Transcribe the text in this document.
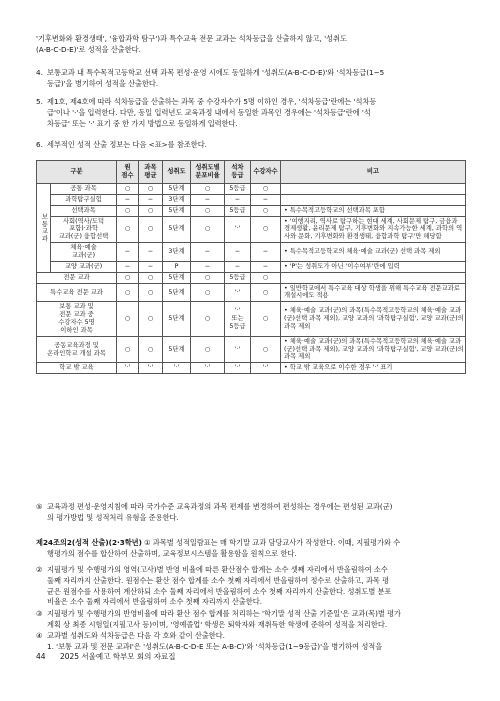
'기후변화와 환경생태', '융합과학 탐구')과 특수교육 전문 교과는 석차등급을 산출하지 않고, '성취도

(A-B-C-D-E)'로 성적을 산출한다.

4. 보통교과 내 특수목적고등학교 선택 과목 편성·운영 시에도 동일하게 '성취도(A-B-C-D-E)'와 '석차등급(1~5

등급)'을 병기하여 성적을 산출한다.

5. 제1호, 제4호에 따라 석차등급을 산출하는 과목 중 수강자수가 5명 이하인 경우, '석차등급'란에는 '석차등

급'이나 '·'을 입력한다. 다만, 동일 입력년도 교육과정 내에서 동일한 과목인 경우에는 '석차등급'란에 '석

차등급' 또는 '·' 표기 중 한 가지 방법으로 동일하게 입력한다.

6. 세부적인 성적 산출 정보는 다음 <표>를 참조한다.

구분		원
점수	과목
평균	성취도	성취도별
분포비율	석차
등급	수강자수	비고
보통교과	공통 과목	○	○	5단계	○	5등급	○	
	과학탐구실험	−	−	3단계	−	−	−	
	선택과목	○	○	5단계	○	5등급	○	• 특수목적고등학교의 선택과목 포함
	사회(역사/도덕
포함)·과학
교과(군) 융합선택	○	○	5단계	○	'·'	○	• '여행지리, 역사로 탐구하는 현대 세계, 사회문제 탐구, 금융과 경제생활, 윤리문제 탐구, 기후변화와 지속가능한 세계, 과학의 역사와 문화, 기후변화와 환경생태, 융합과학 탐구'만 해당함
	체육·예술
교과(군)	−	−	3단계	−	−	−	• 특수목적고등학교의 체육·예술 교과(군) 선택 과목 제외
	교양 교과(군)	−	−	P	−	−	−	• 'P'는 성취도가 아닌 '이수여부'란에 입력
전문 교과		○	○	5단계	○	5등급	○	
특수교육 전문 교과		○	○	5단계	○	'·'	○	• 일반학교에서 특수교육 대상 학생을 위해 특수교육 전문교과로 개설시에도 적용
보통 교과 및
전문 교과 중
수강자수 5명
이하인 과목		○	○	5단계	○	'·'
또는
5등급	○	• 체육·예술 교과(군)의 과목(특수목적고등학교의 체육·예술 교과(군)선택 과목 제외), 교양 교과의 '과학탐구실험', 교양 교과(군)의 과목 제외
공동교육과정 및
온라인학교 개설 과목		○	○	5단계	○	'·'	○	• 체육·예술 교과(군)의 과목(특수목적고등학교의 체육·예술 교과(군)선택 과목 제외), 교양 교과의 '과학탐구실험', 교양 교과(군)의 과목 제외
학교 밖 교육		'·'	'·'	'·'	'·'	'·'	'·'	• 학교 밖 교육으로 이수한 경우 '·' 표기

⑤ 교육과정 편성·운영지침에 따라 국가수준 교육과정의 과목 편제를 변경하여 편성하는 경우에는 편성된 교과(군)

의 평가방법 및 성적처리 유형을 준용한다.

제24조의2(성적 산출)(2·3학년) ① 과목별 성적일람표는 매 학기말 교과 담당교사가 작성한다. 이때, 지필평가와 수

행평가의 점수를 합산하여 산출하며, 교육정보시스템을 활용함을 원칙으로 한다.

② 지필평가 및 수행평가의 영역(고사)별 반영 비율에 따른 환산점수 합계는 소수 셋째 자리에서 반올림하여 소수

둘째 자리까지 산출한다. 원점수는 환산 점수 합계를 소수 첫째 자리에서 반올림하여 정수로 산출하고, 과목 평

균은 원점수를 사용하여 계산하되 소수 둘째 자리에서 반올림하여 소수 첫째 자리까지 산출한다. 성취도별 분포

비율은 소수 둘째 자리에서 반올림하여 소수 첫째 자리까지 산출한다.

③ 지필평가 및 수행평가의 반영비율에 따라 환산 점수 합계를 처리하는 '학기말 성적 산출 기준일'은 교과(목)별 평가

계획 상 최종 시험일(지필고사 등)이며, '영예졸업' 학생은 퇴학자와 재취득한 학생에 준하여 성적을 처리한다.

④ 교과별 성취도와 석차등급은 다음 각 호와 같이 산출한다.

1. '보통 교과 및 전문 교과Ⅰ'은 '성취도(A-B-C-D-E 또는 A-B-C)'와 '석차등급(1~9등급)'을 병기하여 성적을

44 2025 서울예고 학부모 회의 자료집
